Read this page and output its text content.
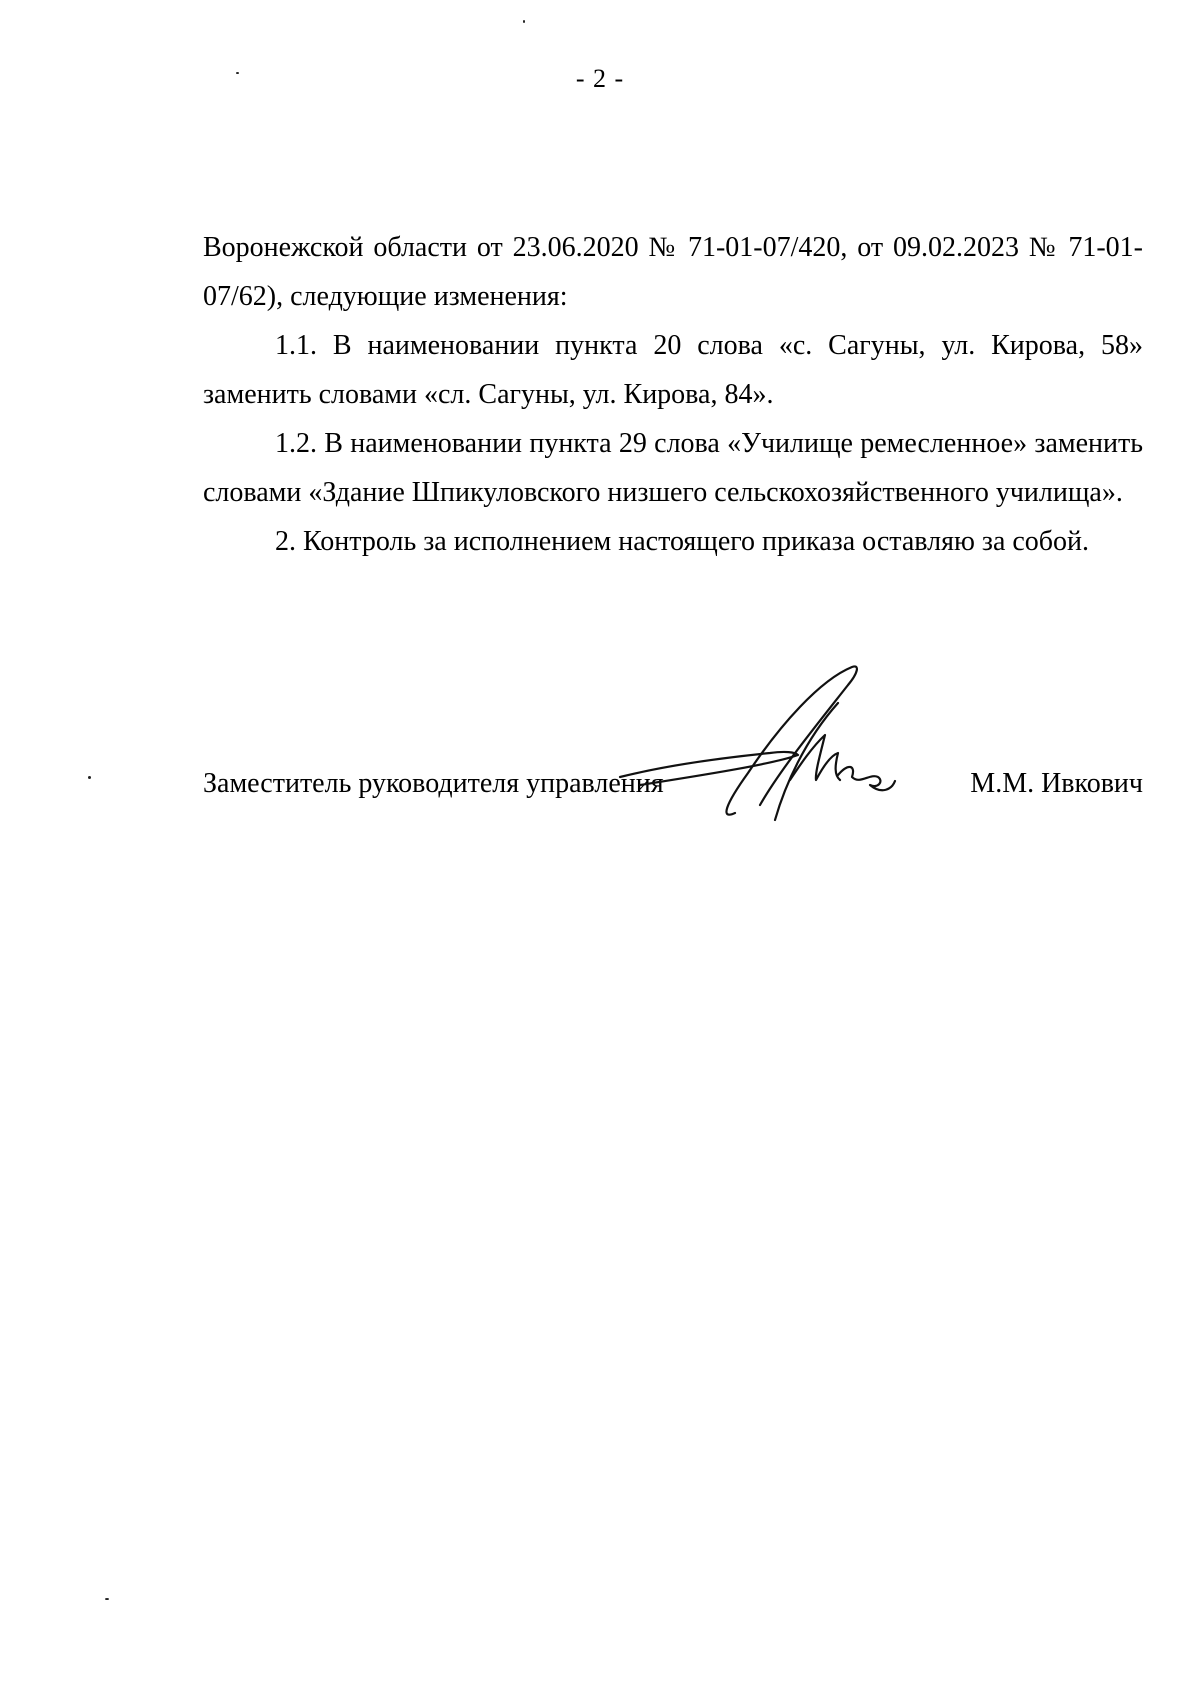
- 2 -

Воронежской области от 23.06.2020 № 71-01-07/420, от 09.02.2023 № 71-01-07/62), следующие изменения:

1.1. В наименовании пункта 20 слова «с. Сагуны, ул. Кирова, 58» заменить словами «сл. Сагуны, ул. Кирова, 84».

1.2. В наименовании пункта 29 слова «Училище ремесленное» заменить словами «Здание Шпикуловского низшего сельскохозяйственного училища».

2. Контроль за исполнением настоящего приказа оставляю за собой.

Заместитель руководителя управления	М.М. Ивкович
